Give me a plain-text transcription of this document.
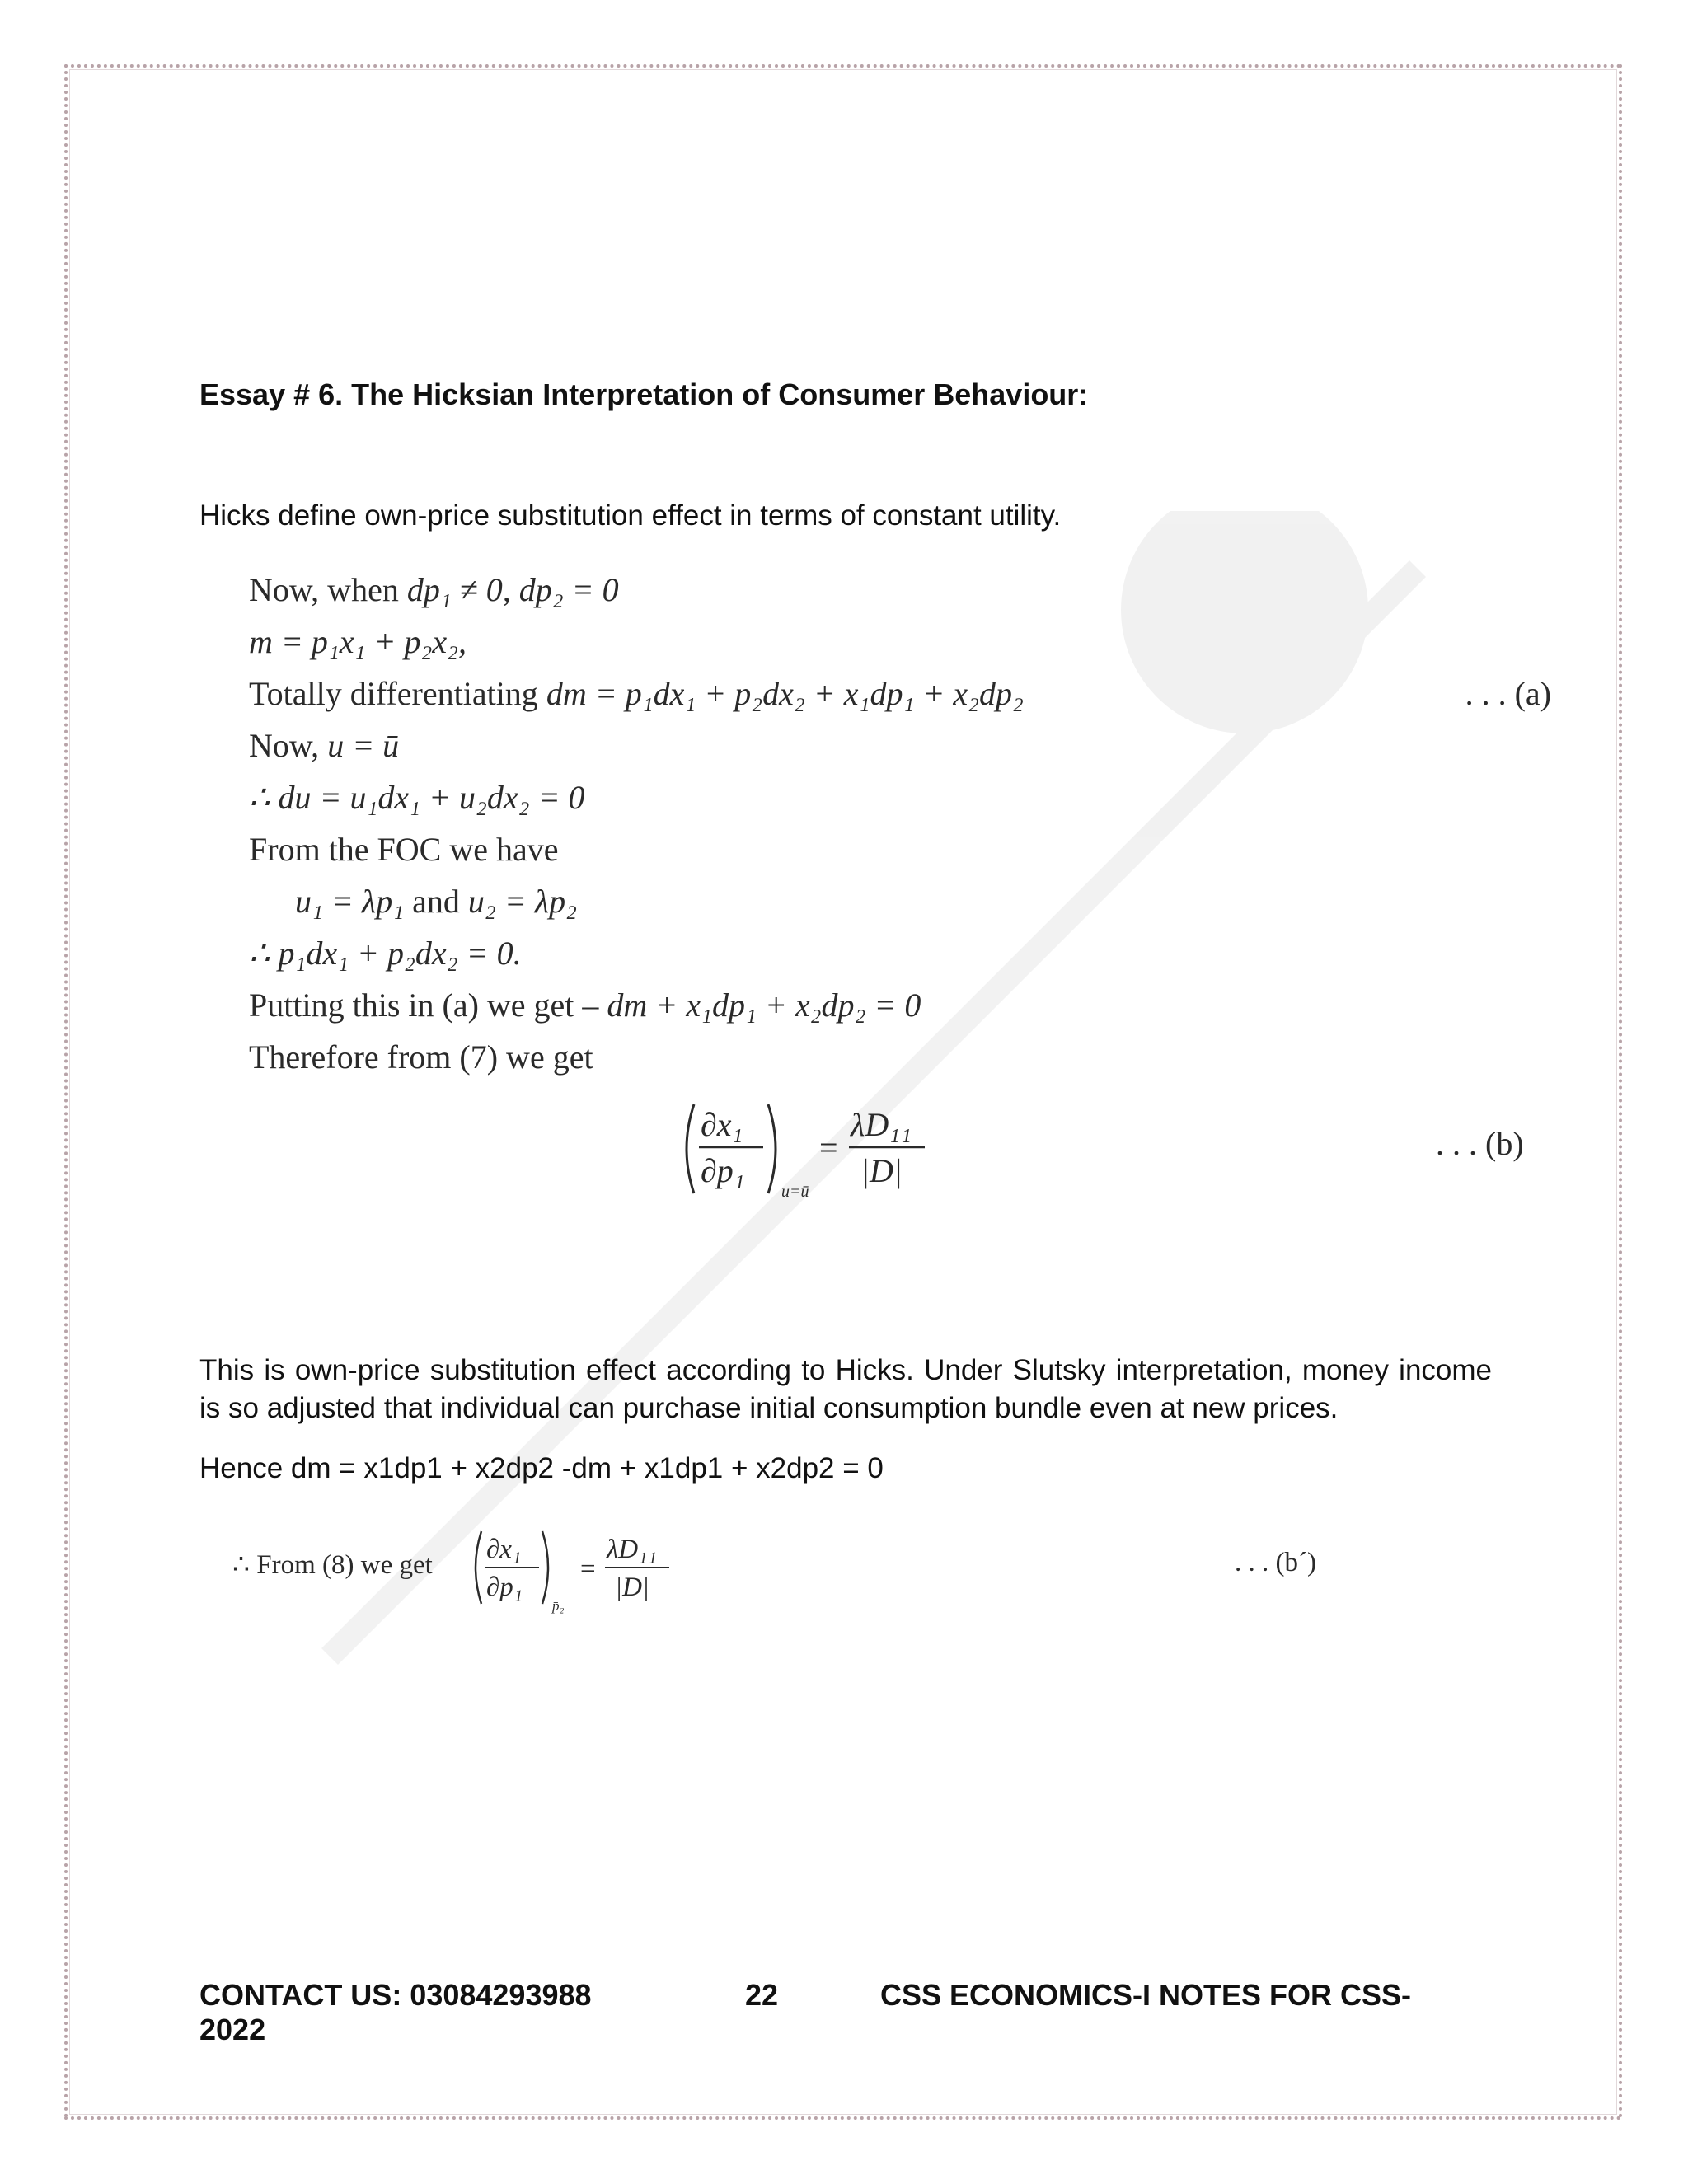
Essay # 6. The Hicksian Interpretation of Consumer Behaviour:
Hicks define own-price substitution effect in terms of constant utility.
Now, when dp₁ ≠ 0, dp₂ = 0
m = p₁x₁ + p₂x₂,
Totally differentiating dm = p₁dx₁ + p₂dx₂ + x₁dp₁ + x₂dp₂	. . . (a)
Now, u = ū
∴ du = u₁dx₁ + u₂dx₂ = 0
From the FOC we have
u₁ = λp₁ and u₂ = λp₂
∴ p₁dx₁ + p₂dx₂ = 0.
Putting this in (a) we get – dm + x₁dp₁ + x₂dp₂ = 0
Therefore from (7) we get
∂x₁
∂p₁
u=ū
=
λD₁₁
|D|
. . . (b)
This is own-price substitution effect according to Hicks. Under Slutsky interpretation, money income is so adjusted that individual can purchase initial consumption bundle even at new prices.
Hence dm = x1dp1 + x2dp2 -dm + x1dp1 + x2dp2 = 0
∴ From (8) we get
∂x₁
∂p₁
p̄₂
=
λD₁₁
|D|
. . . (b´)
CONTACT US: 03084293988	22	CSS ECONOMICS-I NOTES FOR CSS-
2022
